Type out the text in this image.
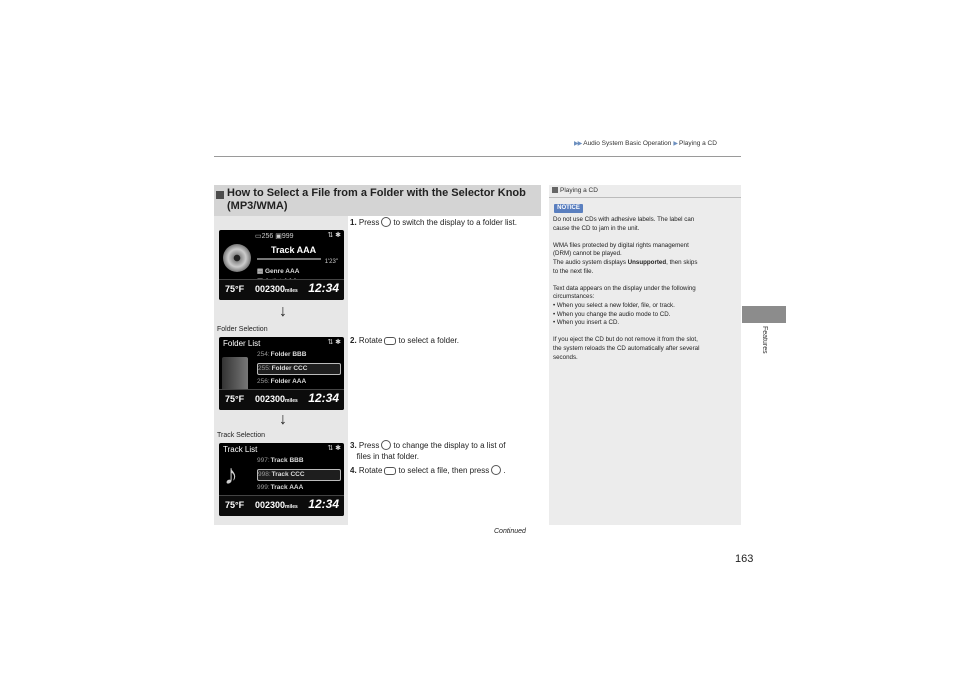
▶▶ Audio System Basic Operation ▶ Playing a CD
Features
How to Select a File from a Folder with the Selector Knob
(MP3/WMA)
▭256 ▣999	⇅ ✱
Track AAA
1'23"
▤ Genre AAA
75°F 002300miles 12:34
↓
Folder Selection
Folder List	⇅ ✱
254:Folder BBB
255:Folder CCC
256:Folder AAA
75°F 002300miles 12:34
↓
Track Selection
Track List	⇅ ✱
♪	997:Track BBB
998:Track CCC
999:Track AAA
75°F 002300miles 12:34
1. Press to switch the display to a folder list.
2. Rotate to select a folder.
3. Press to change the display to a list of
files in that folder.
4. Rotate to select a file, then press .
Playing a CD
NOTICE
Do not use CDs with adhesive labels. The label can
cause the CD to jam in the unit.
WMA files protected by digital rights management
(DRM) cannot be played.
The audio system displays Unsupported, then skips
to the next file.
Text data appears on the display under the following
circumstances:
• When you select a new folder, file, or track.
• When you change the audio mode to CD.
• When you insert a CD.
If you eject the CD but do not remove it from the slot,
the system reloads the CD automatically after several
seconds.
Continued
163
